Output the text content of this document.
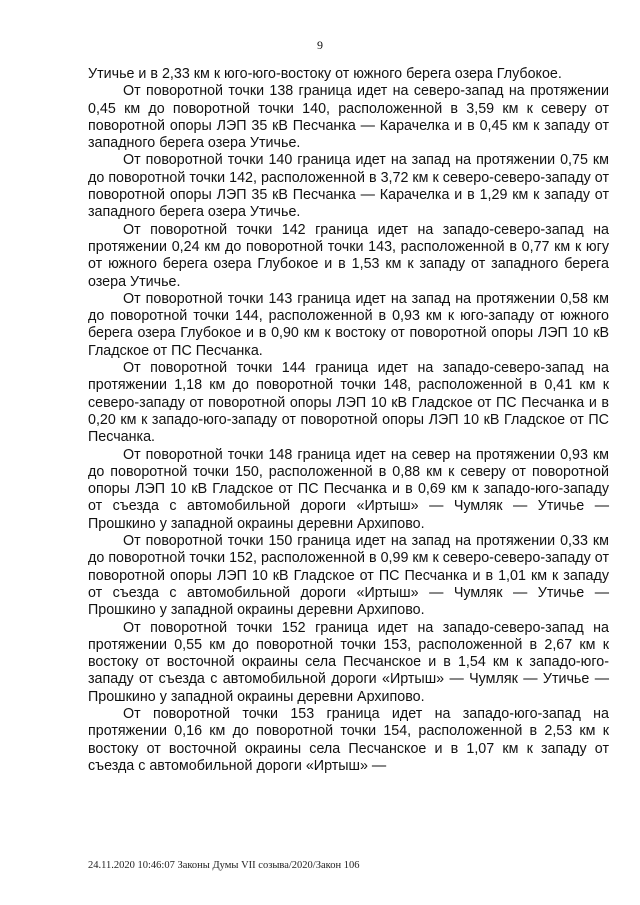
9

Утичье и в 2,33 км к юго-юго-востоку от южного берега озера Глубокое.

От поворотной точки 138 граница идет на северо-запад на протяжении 0,45 км до поворотной точки 140, расположенной в 3,59 км к северу от поворотной опоры ЛЭП 35 кВ Песчанка — Карачелка и в 0,45 км к западу от западного берега озера Утичье.

От поворотной точки 140 граница идет на запад на протяжении 0,75 км до поворотной точки 142, расположенной в 3,72 км к северо-северо-западу от поворотной опоры ЛЭП 35 кВ Песчанка — Карачелка и в 1,29 км к западу от западного берега озера Утичье.

От поворотной точки 142 граница идет на западо-северо-запад на протяжении 0,24 км до поворотной точки 143, расположенной в 0,77 км к югу от южного берега озера Глубокое и в 1,53 км к западу от западного берега озера Утичье.

От поворотной точки 143 граница идет на запад на протяжении 0,58 км до поворотной точки 144, расположенной в 0,93 км к юго-западу от южного берега озера Глубокое и в 0,90 км к востоку от поворотной опоры ЛЭП 10 кВ Гладское от ПС Песчанка.

От поворотной точки 144 граница идет на западо-северо-запад на протяжении 1,18 км до поворотной точки 148, расположенной в 0,41 км к северо-западу от поворотной опоры ЛЭП 10 кВ Гладское от ПС Песчанка и в 0,20 км к западо-юго-западу от поворотной опоры ЛЭП 10 кВ Гладское от ПС Песчанка.

От поворотной точки 148 граница идет на север на протяжении 0,93 км до поворотной точки 150, расположенной в 0,88 км к северу от поворотной опоры ЛЭП 10 кВ Гладское от ПС Песчанка и в 0,69 км к западо-юго-западу от съезда с автомобильной дороги «Иртыш» — Чумляк — Утичье — Прошкино у западной окраины деревни Архипово.

От поворотной точки 150 граница идет на запад на протяжении 0,33 км до поворотной точки 152, расположенной в 0,99 км к северо-северо-западу от поворотной опоры ЛЭП 10 кВ Гладское от ПС Песчанка и в 1,01 км к западу от съезда с автомобильной дороги «Иртыш» — Чумляк — Утичье — Прошкино у западной окраины деревни Архипово.

От поворотной точки 152 граница идет на западо-северо-запад на протяжении 0,55 км до поворотной точки 153, расположенной в 2,67 км к востоку от восточной окраины села Песчанское и в 1,54 км к западо-юго-западу от съезда с автомобильной дороги «Иртыш» — Чумляк — Утичье — Прошкино у западной окраины деревни Архипово.

От поворотной точки 153 граница идет на западо-юго-запад на протяжении 0,16 км до поворотной точки 154, расположенной в 2,53 км к востоку от восточной окраины села Песчанское и в 1,07 км к западу от съезда с автомобильной дороги «Иртыш» —

24.11.2020 10:46:07 Законы Думы VII созыва/2020/Закон 106
